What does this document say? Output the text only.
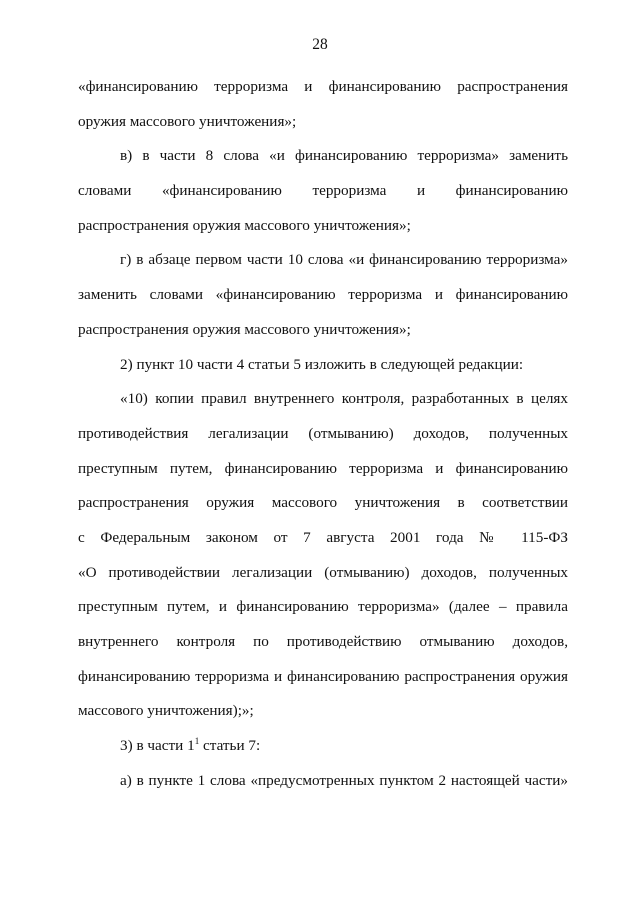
28
«финансированию терроризма и финансированию распространения
оружия массового уничтожения»;
в) в части 8 слова «и финансированию терроризма» заменить
словами «финансированию терроризма и финансированию
распространения оружия массового уничтожения»;
г) в абзаце первом части 10 слова «и финансированию терроризма»
заменить словами «финансированию терроризма и финансированию
распространения оружия массового уничтожения»;
2) пункт 10 части 4 статьи 5 изложить в следующей редакции:
«10) копии правил внутреннего контроля, разработанных в целях
противодействия легализации (отмыванию) доходов, полученных
преступным путем, финансированию терроризма и финансированию
распространения оружия массового уничтожения в соответствии
с Федеральным законом от 7 августа 2001 года № 115-ФЗ
«О противодействии легализации (отмыванию) доходов, полученных
преступным путем, и финансированию терроризма» (далее – правила
внутреннего контроля по противодействию отмыванию доходов,
финансированию терроризма и финансированию распространения оружия
массового уничтожения);»;
3) в части $1^1$ статьи 7:
а) в пункте 1 слова «предусмотренных пунктом 2 настоящей части»
